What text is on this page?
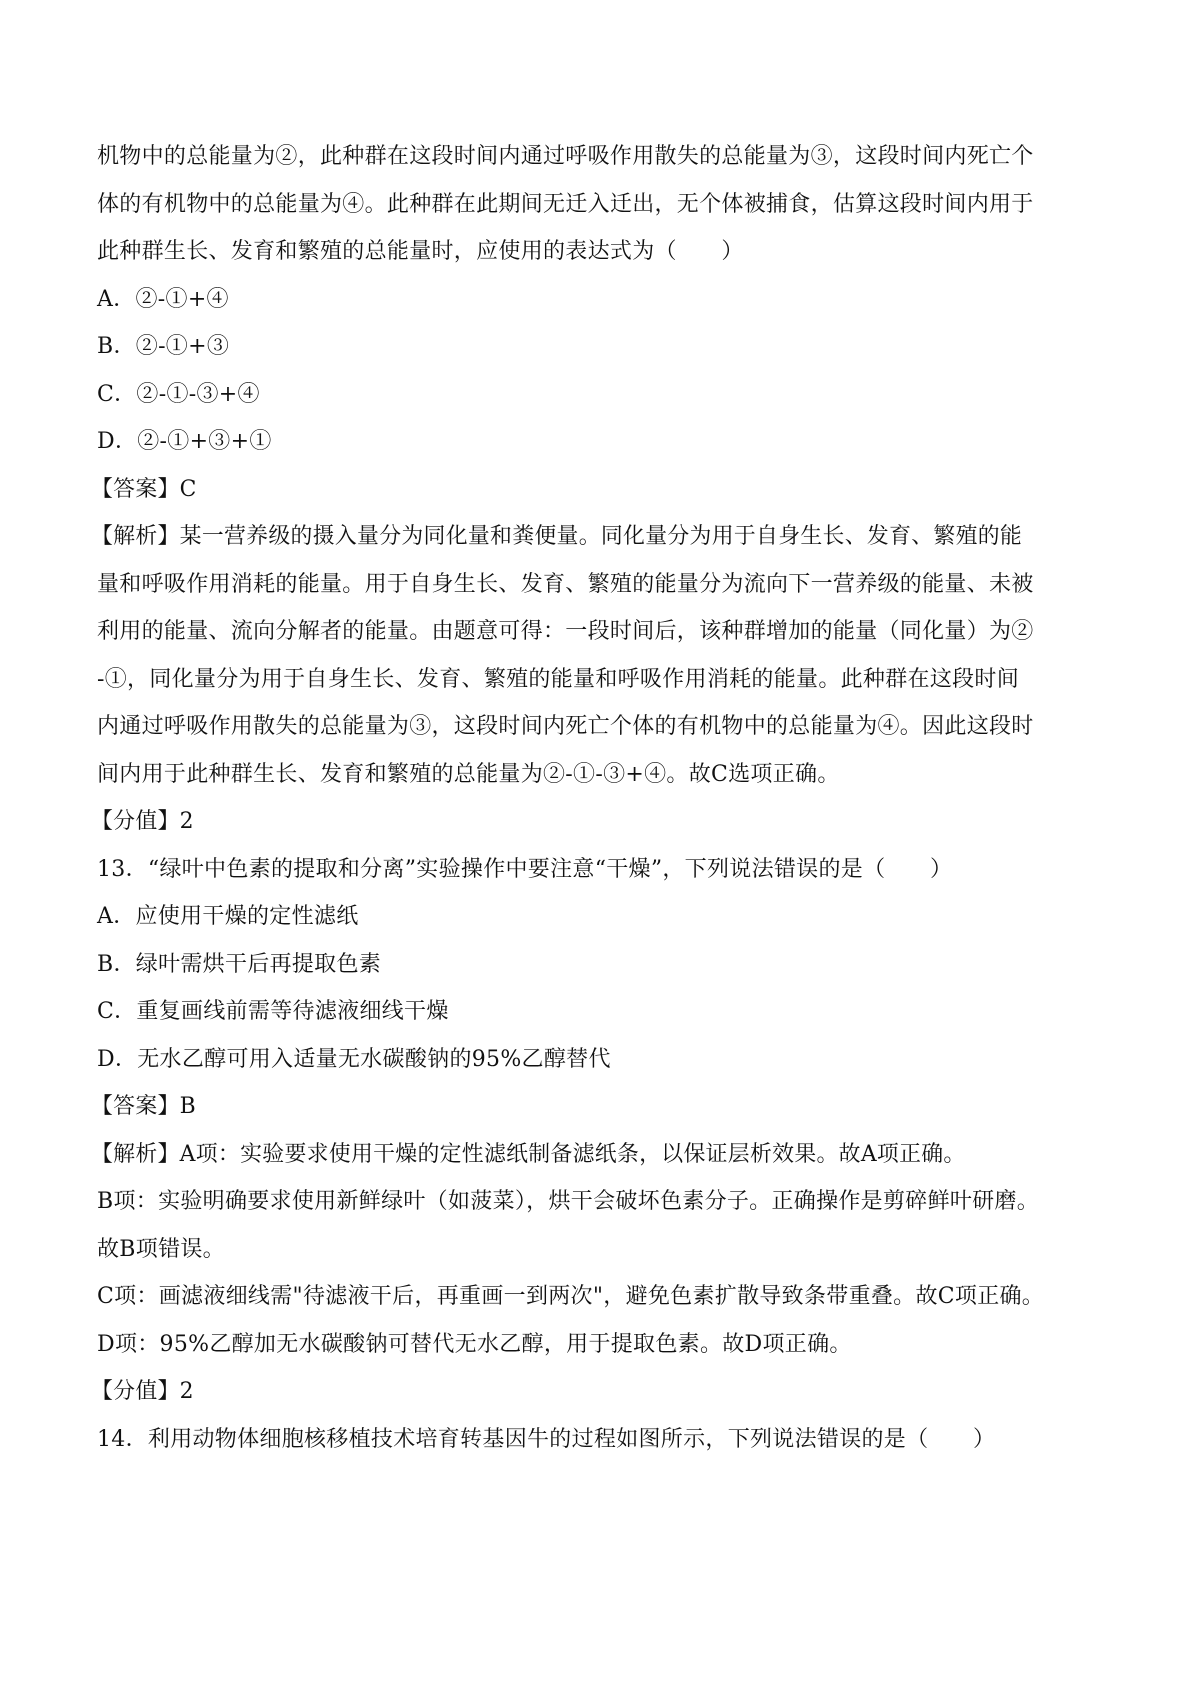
机物中的总能量为②，此种群在这段时间内通过呼吸作用散失的总能量为③，这段时间内死亡个
体的有机物中的总能量为④。此种群在此期间无迁入迁出，无个体被捕食，估算这段时间内用于
此种群生长、发育和繁殖的总能量时，应使用的表达式为（　　）
A．②-①+④
B．②-①+③
C．②-①-③+④
D．②-①+③+①
【答案】C
【解析】某一营养级的摄入量分为同化量和粪便量。同化量分为用于自身生长、发育、繁殖的能
量和呼吸作用消耗的能量。用于自身生长、发育、繁殖的能量分为流向下一营养级的能量、未被
利用的能量、流向分解者的能量。由题意可得：一段时间后，该种群增加的能量（同化量）为②
-①，同化量分为用于自身生长、发育、繁殖的能量和呼吸作用消耗的能量。此种群在这段时间
内通过呼吸作用散失的总能量为③，这段时间内死亡个体的有机物中的总能量为④。因此这段时
间内用于此种群生长、发育和繁殖的总能量为②-①-③+④。故C选项正确。
【分值】2
13．“绿叶中色素的提取和分离”实验操作中要注意“干燥”，下列说法错误的是（　　）
A．应使用干燥的定性滤纸
B．绿叶需烘干后再提取色素
C．重复画线前需等待滤液细线干燥
D．无水乙醇可用入适量无水碳酸钠的95%乙醇替代
【答案】B
【解析】A项：实验要求使用干燥的定性滤纸制备滤纸条，以保证层析效果。故A项正确。
B项：实验明确要求使用新鲜绿叶（如菠菜），烘干会破坏色素分子。正确操作是剪碎鲜叶研磨。
故B项错误。
C项：画滤液细线需"待滤液干后，再重画一到两次"，避免色素扩散导致条带重叠。故C项正确。
D项：95%乙醇加无水碳酸钠可替代无水乙醇，用于提取色素。故D项正确。
【分值】2
14．利用动物体细胞核移植技术培育转基因牛的过程如图所示，下列说法错误的是（　　）
